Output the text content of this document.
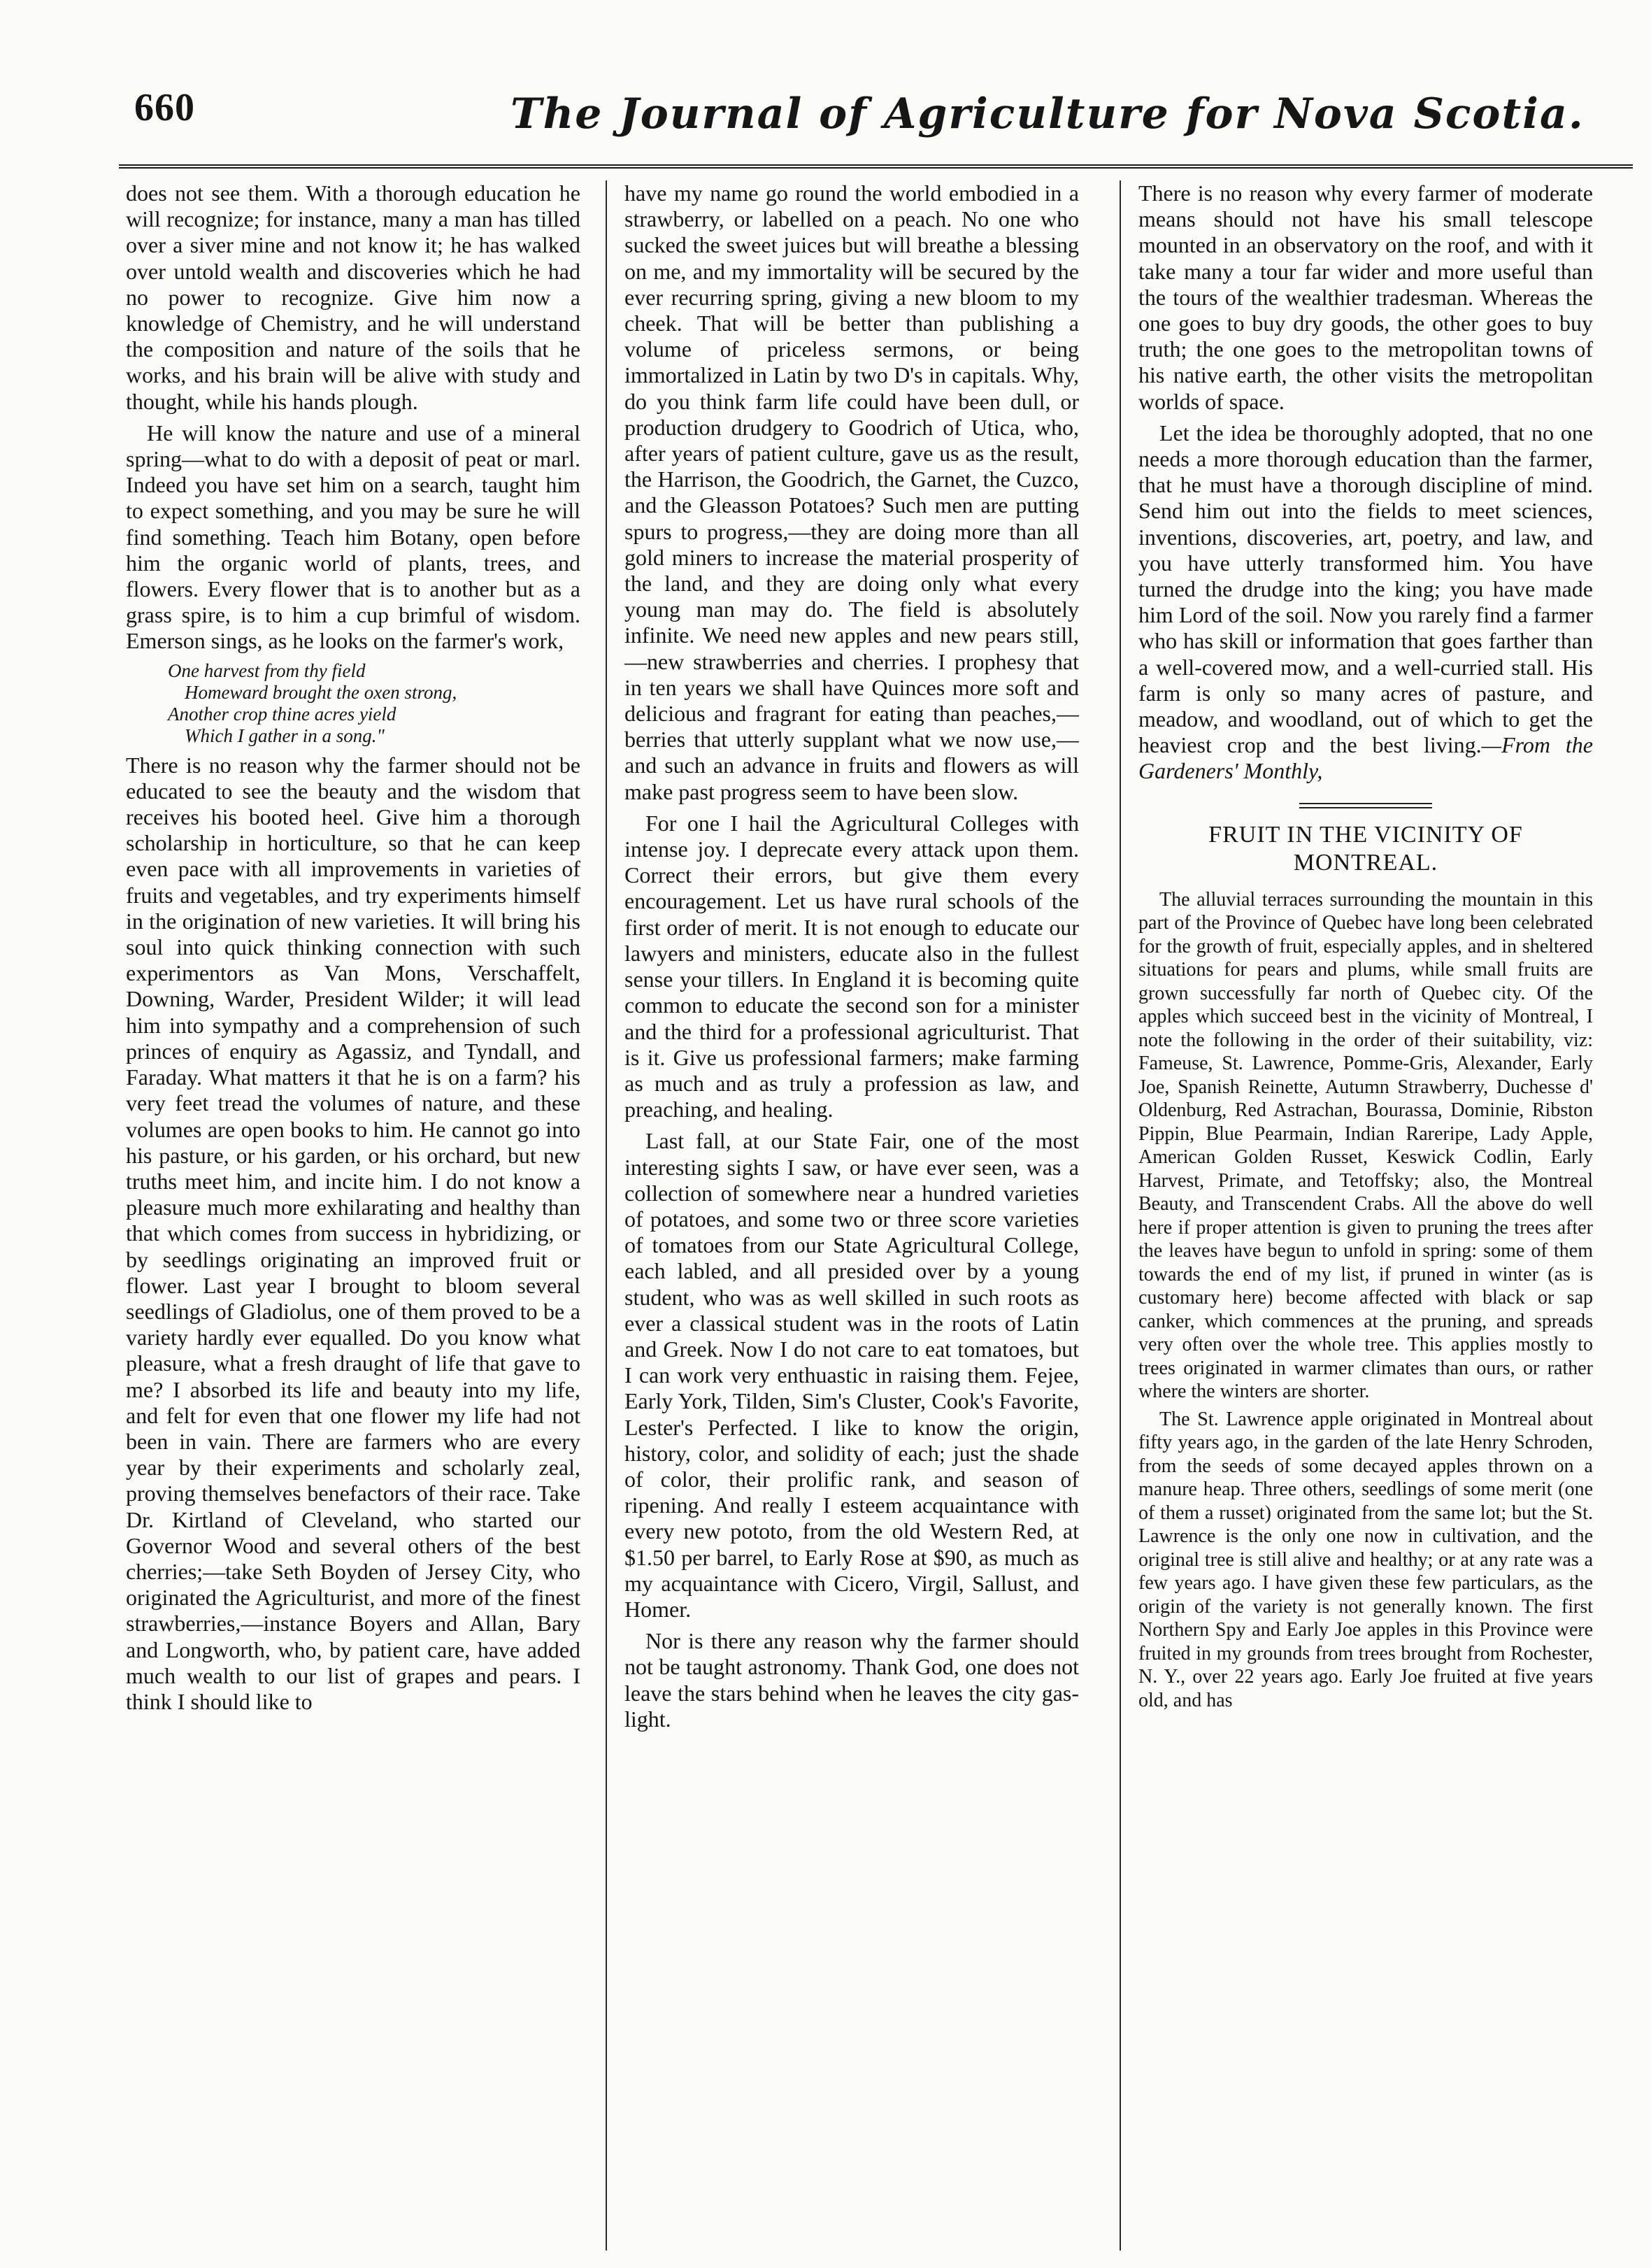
660	The Journal of Agriculture for Nova Scotia.

does not see them. With a thorough education he will recognize; for instance, many a man has tilled over a siver mine and not know it; he has walked over untold wealth and discoveries which he had no power to recognize. Give him now a knowledge of Chemistry, and he will understand the composition and nature of the soils that he works, and his brain will be alive with study and thought, while his hands plough.

He will know the nature and use of a mineral spring—what to do with a deposit of peat or marl. Indeed you have set him on a search, taught him to expect something, and you may be sure he will find something. Teach him Botany, open before him the organic world of plants, trees, and flowers. Every flower that is to another but as a grass spire, is to him a cup brimful of wisdom. Emerson sings, as he looks on the farmer's work,

One harvest from thy field
Homeward brought the oxen strong,
Another crop thine acres yield
Which I gather in a song."

There is no reason why the farmer should not be educated to see the beauty and the wisdom that receives his booted heel. Give him a thorough scholarship in horticulture, so that he can keep even pace with all improvements in varieties of fruits and vegetables, and try experiments himself in the origination of new varieties. It will bring his soul into quick thinking connection with such experimentors as Van Mons, Verschaffelt, Downing, Warder, President Wilder; it will lead him into sympathy and a comprehension of such princes of enquiry as Agassiz, and Tyndall, and Faraday. What matters it that he is on a farm? his very feet tread the volumes of nature, and these volumes are open books to him. He cannot go into his pasture, or his garden, or his orchard, but new truths meet him, and incite him. I do not know a pleasure much more exhilarating and healthy than that which comes from success in hybridizing, or by seedlings originating an improved fruit or flower. Last year I brought to bloom several seedlings of Gladiolus, one of them proved to be a variety hardly ever equalled. Do you know what pleasure, what a fresh draught of life that gave to me? I absorbed its life and beauty into my life, and felt for even that one flower my life had not been in vain. There are farmers who are every year by their experiments and scholarly zeal, proving themselves benefactors of their race. Take Dr. Kirtland of Cleveland, who started our Governor Wood and several others of the best cherries;—take Seth Boyden of Jersey City, who originated the Agriculturist, and more of the finest strawberries,—instance Boyers and Allan, Bary and Longworth, who, by patient care, have added much wealth to our list of grapes and pears. I think I should like to

have my name go round the world embodied in a strawberry, or labelled on a peach. No one who sucked the sweet juices but will breathe a blessing on me, and my immortality will be secured by the ever recurring spring, giving a new bloom to my cheek. That will be better than publishing a volume of priceless sermons, or being immortalized in Latin by two D's in capitals. Why, do you think farm life could have been dull, or production drudgery to Goodrich of Utica, who, after years of patient culture, gave us as the result, the Harrison, the Goodrich, the Garnet, the Cuzco, and the Gleasson Potatoes? Such men are putting spurs to progress,—they are doing more than all gold miners to increase the material prosperity of the land, and they are doing only what every young man may do. The field is absolutely infinite. We need new apples and new pears still,—new strawberries and cherries. I prophesy that in ten years we shall have Quinces more soft and delicious and fragrant for eating than peaches,—berries that utterly supplant what we now use,—and such an advance in fruits and flowers as will make past progress seem to have been slow.

For one I hail the Agricultural Colleges with intense joy. I deprecate every attack upon them. Correct their errors, but give them every encouragement. Let us have rural schools of the first order of merit. It is not enough to educate our lawyers and ministers, educate also in the fullest sense your tillers. In England it is becoming quite common to educate the second son for a minister and the third for a professional agriculturist. That is it. Give us professional farmers; make farming as much and as truly a profession as law, and preaching, and healing.

Last fall, at our State Fair, one of the most interesting sights I saw, or have ever seen, was a collection of somewhere near a hundred varieties of potatoes, and some two or three score varieties of tomatoes from our State Agricultural College, each labled, and all presided over by a young student, who was as well skilled in such roots as ever a classical student was in the roots of Latin and Greek. Now I do not care to eat tomatoes, but I can work very enthuastic in raising them. Fejee, Early York, Tilden, Sim's Cluster, Cook's Favorite, Lester's Perfected. I like to know the origin, history, color, and solidity of each; just the shade of color, their prolific rank, and season of ripening. And really I esteem acquaintance with every new pototo, from the old Western Red, at $1.50 per barrel, to Early Rose at $90, as much as my acquaintance with Cicero, Virgil, Sallust, and Homer.

Nor is there any reason why the farmer should not be taught astronomy. Thank God, one does not leave the stars behind when he leaves the city gas-light.

There is no reason why every farmer of moderate means should not have his small telescope mounted in an observatory on the roof, and with it take many a tour far wider and more useful than the tours of the wealthier tradesman. Whereas the one goes to buy dry goods, the other goes to buy truth; the one goes to the metropolitan towns of his native earth, the other visits the metropolitan worlds of space.

Let the idea be thoroughly adopted, that no one needs a more thorough education than the farmer, that he must have a thorough discipline of mind. Send him out into the fields to meet sciences, inventions, discoveries, art, poetry, and law, and you have utterly transformed him. You have turned the drudge into the king; you have made him Lord of the soil. Now you rarely find a farmer who has skill or information that goes farther than a well-covered mow, and a well-curried stall. His farm is only so many acres of pasture, and meadow, and woodland, out of which to get the heaviest crop and the best living.—From the Gardeners' Monthly,

FRUIT IN THE VICINITY OF MONTREAL.

The alluvial terraces surrounding the mountain in this part of the Province of Quebec have long been celebrated for the growth of fruit, especially apples, and in sheltered situations for pears and plums, while small fruits are grown successfully far north of Quebec city. Of the apples which succeed best in the vicinity of Montreal, I note the following in the order of their suitability, viz: Fameuse, St. Lawrence, Pomme-Gris, Alexander, Early Joe, Spanish Reinette, Autumn Strawberry, Duchesse d' Oldenburg, Red Astrachan, Bourassa, Dominie, Ribston Pippin, Blue Pearmain, Indian Rareripe, Lady Apple, American Golden Russet, Keswick Codlin, Early Harvest, Primate, and Tetoffsky; also, the Montreal Beauty, and Transcendent Crabs. All the above do well here if proper attention is given to pruning the trees after the leaves have begun to unfold in spring: some of them towards the end of my list, if pruned in winter (as is customary here) become affected with black or sap canker, which commences at the pruning, and spreads very often over the whole tree. This applies mostly to trees originated in warmer climates than ours, or rather where the winters are shorter.

The St. Lawrence apple originated in Montreal about fifty years ago, in the garden of the late Henry Schroden, from the seeds of some decayed apples thrown on a manure heap. Three others, seedlings of some merit (one of them a russet) originated from the same lot; but the St. Lawrence is the only one now in cultivation, and the original tree is still alive and healthy; or at any rate was a few years ago. I have given these few particulars, as the origin of the variety is not generally known. The first Northern Spy and Early Joe apples in this Province were fruited in my grounds from trees brought from Rochester, N. Y., over 22 years ago. Early Joe fruited at five years old, and has
